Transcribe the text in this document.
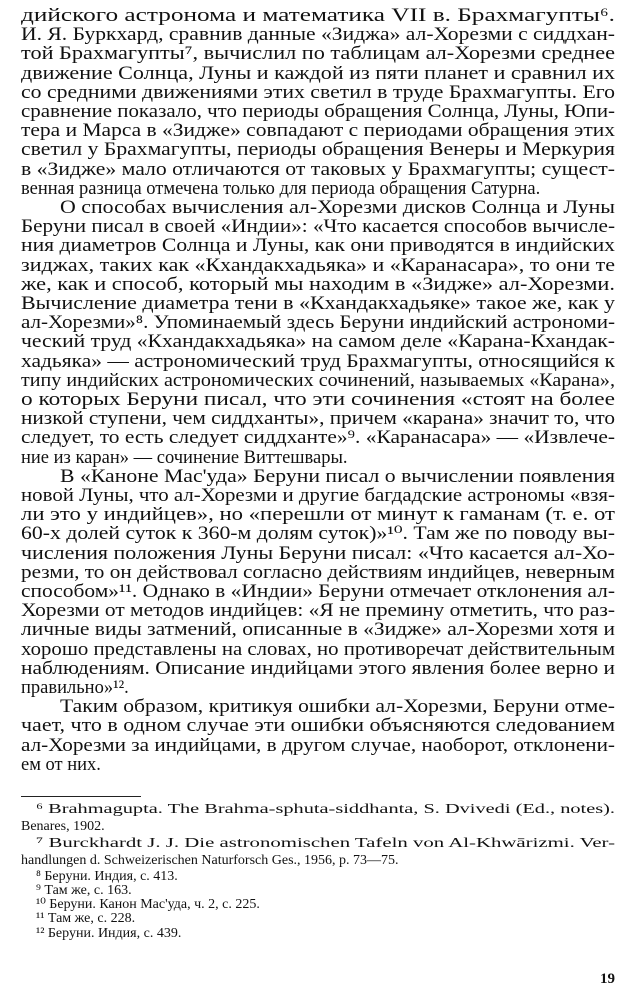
дийского астронома и математика VII в. Брахмагупты⁶.
И. Я. Буркхард, сравнив данные «Зиджа» ал-Хорезми с сиддхан-
той Брахмагупты⁷, вычислил по таблицам ал-Хорезми среднее
движение Солнца, Луны и каждой из пяти планет и сравнил их
со средними движениями этих светил в труде Брахмагупты. Его
сравнение показало, что периоды обращения Солнца, Луны, Юпи-
тера и Марса в «Зидже» совпадают с периодами обращения этих
светил у Брахмагупты, периоды обращения Венеры и Меркурия
в «Зидже» мало отличаются от таковых у Брахмагупты; сущест-
венная разница отмечена только для периода обращения Сатурна.
О способах вычисления ал-Хорезми дисков Солнца и Луны
Беруни писал в своей «Индии»: «Что касается способов вычисле-
ния диаметров Солнца и Луны, как они приводятся в индийских
зиджах, таких как «Кхандакхадьяка» и «Каранасара», то они те
же, как и способ, который мы находим в «Зидже» ал-Хорезми.
Вычисление диаметра тени в «Кхандакхадьяке» такое же, как у
ал-Хорезми»⁸. Упоминаемый здесь Беруни индийский астрономи-
ческий труд «Кхандакхадьяка» на самом деле «Карана-Кхандак-
хадьяка» — астрономический труд Брахмагупты, относящийся к
типу индийских астрономических сочинений, называемых «Карана»,
о которых Беруни писал, что эти сочинения «стоят на более
низкой ступени, чем сиддханты», причем «карана» значит то, что
следует, то есть следует сиддханте»⁹. «Каранасара» — «Извлече-
ние из каран» — сочинение Виттешвары.
В «Каноне Мас'уда» Беруни писал о вычислении появления
новой Луны, что ал-Хорезми и другие багдадские астрономы «взя-
ли это у индийцев», но «перешли от минут к гаманам (т. е. от
60-х долей суток к 360-м долям суток)»¹⁰. Там же по поводу вы-
числения положения Луны Беруни писал: «Что касается ал-Хо-
резми, то он действовал согласно действиям индийцев, неверным
способом»¹¹. Однако в «Индии» Беруни отмечает отклонения ал-
Хорезми от методов индийцев: «Я не премину отметить, что раз-
личные виды затмений, описанные в «Зидже» ал-Хорезми хотя и
хорошо представлены на словах, но противоречат действительным
наблюдениям. Описание индийцами этого явления более верно и
правильно»¹².
Таким образом, критикуя ошибки ал-Хорезми, Беруни отме-
чает, что в одном случае эти ошибки объясняются следованием
ал-Хорезми за индийцами, в другом случае, наоборот, отклонени-
ем от них.
⁶ Brahmagupta. The Brahma-sphuta-siddhanta, S. Dvivedi (Ed., notes).
Benares, 1902.
⁷ Burckhardt J. J. Die astronomischen Tafeln von Al-Khwārizmi. Ver-
handlungen d. Schweizerischen Naturforsch Ges., 1956, p. 73—75.
⁸ Беруни. Индия, с. 413.
⁹ Там же, с. 163.
¹⁰ Беруни. Канон Мас'уда, ч. 2, с. 225.
¹¹ Там же, с. 228.
¹² Беруни. Индия, с. 439.
19
